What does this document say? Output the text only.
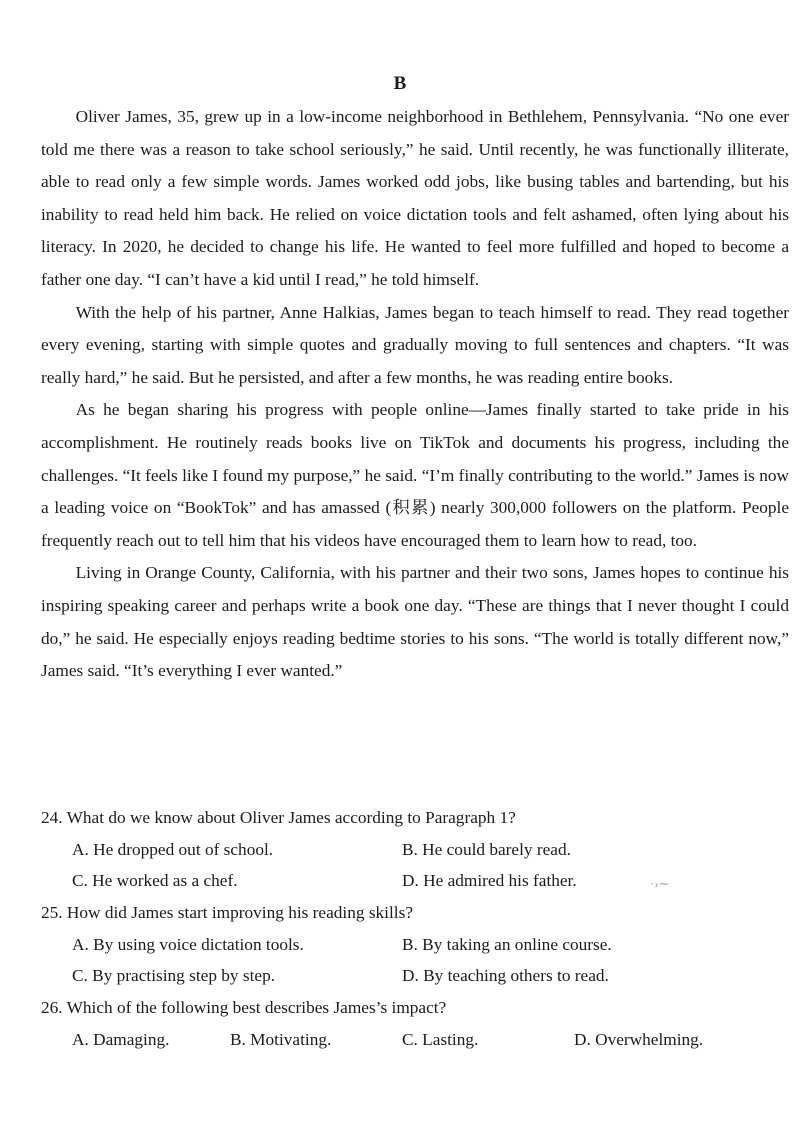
B

Oliver James, 35, grew up in a low-income neighborhood in Bethlehem, Pennsylvania. “No one ever told me there was a reason to take school seriously,” he said. Until recently, he was functionally illiterate, able to read only a few simple words. James worked odd jobs, like busing tables and bartending, but his inability to read held him back. He relied on voice dictation tools and felt ashamed, often lying about his literacy. In 2020, he decided to change his life. He wanted to feel more fulfilled and hoped to become a father one day. “I can’t have a kid until I read,” he told himself.

With the help of his partner, Anne Halkias, James began to teach himself to read. They read together every evening, starting with simple quotes and gradually moving to full sentences and chapters. “It was really hard,” he said. But he persisted, and after a few months, he was reading entire books.

As he began sharing his progress with people online—James finally started to take pride in his accomplishment. He routinely reads books live on TikTok and documents his progress, including the challenges. “It feels like I found my purpose,” he said. “I’m finally contributing to the world.” James is now a leading voice on “BookTok” and has amassed (积累) nearly 300,000 followers on the platform. People frequently reach out to tell him that his videos have encouraged them to learn how to read, too.

Living in Orange County, California, with his partner and their two sons, James hopes to continue his inspiring speaking career and perhaps write a book one day. “These are things that I never thought I could do,” he said. He especially enjoys reading bedtime stories to his sons. “The world is totally different now,” James said. “It’s everything I ever wanted.”

24. What do we know about Oliver James according to Paragraph 1?
A. He dropped out of school.	B. He could barely read.
C. He worked as a chef.	D. He admired his father.
25. How did James start improving his reading skills?
A. By using voice dictation tools.	B. By taking an online course.
C. By practising step by step.	D. By teaching others to read.
26. Which of the following best describes James’s impact?
A. Damaging.	B. Motivating.	C. Lasting.	D. Overwhelming.
·›∼
